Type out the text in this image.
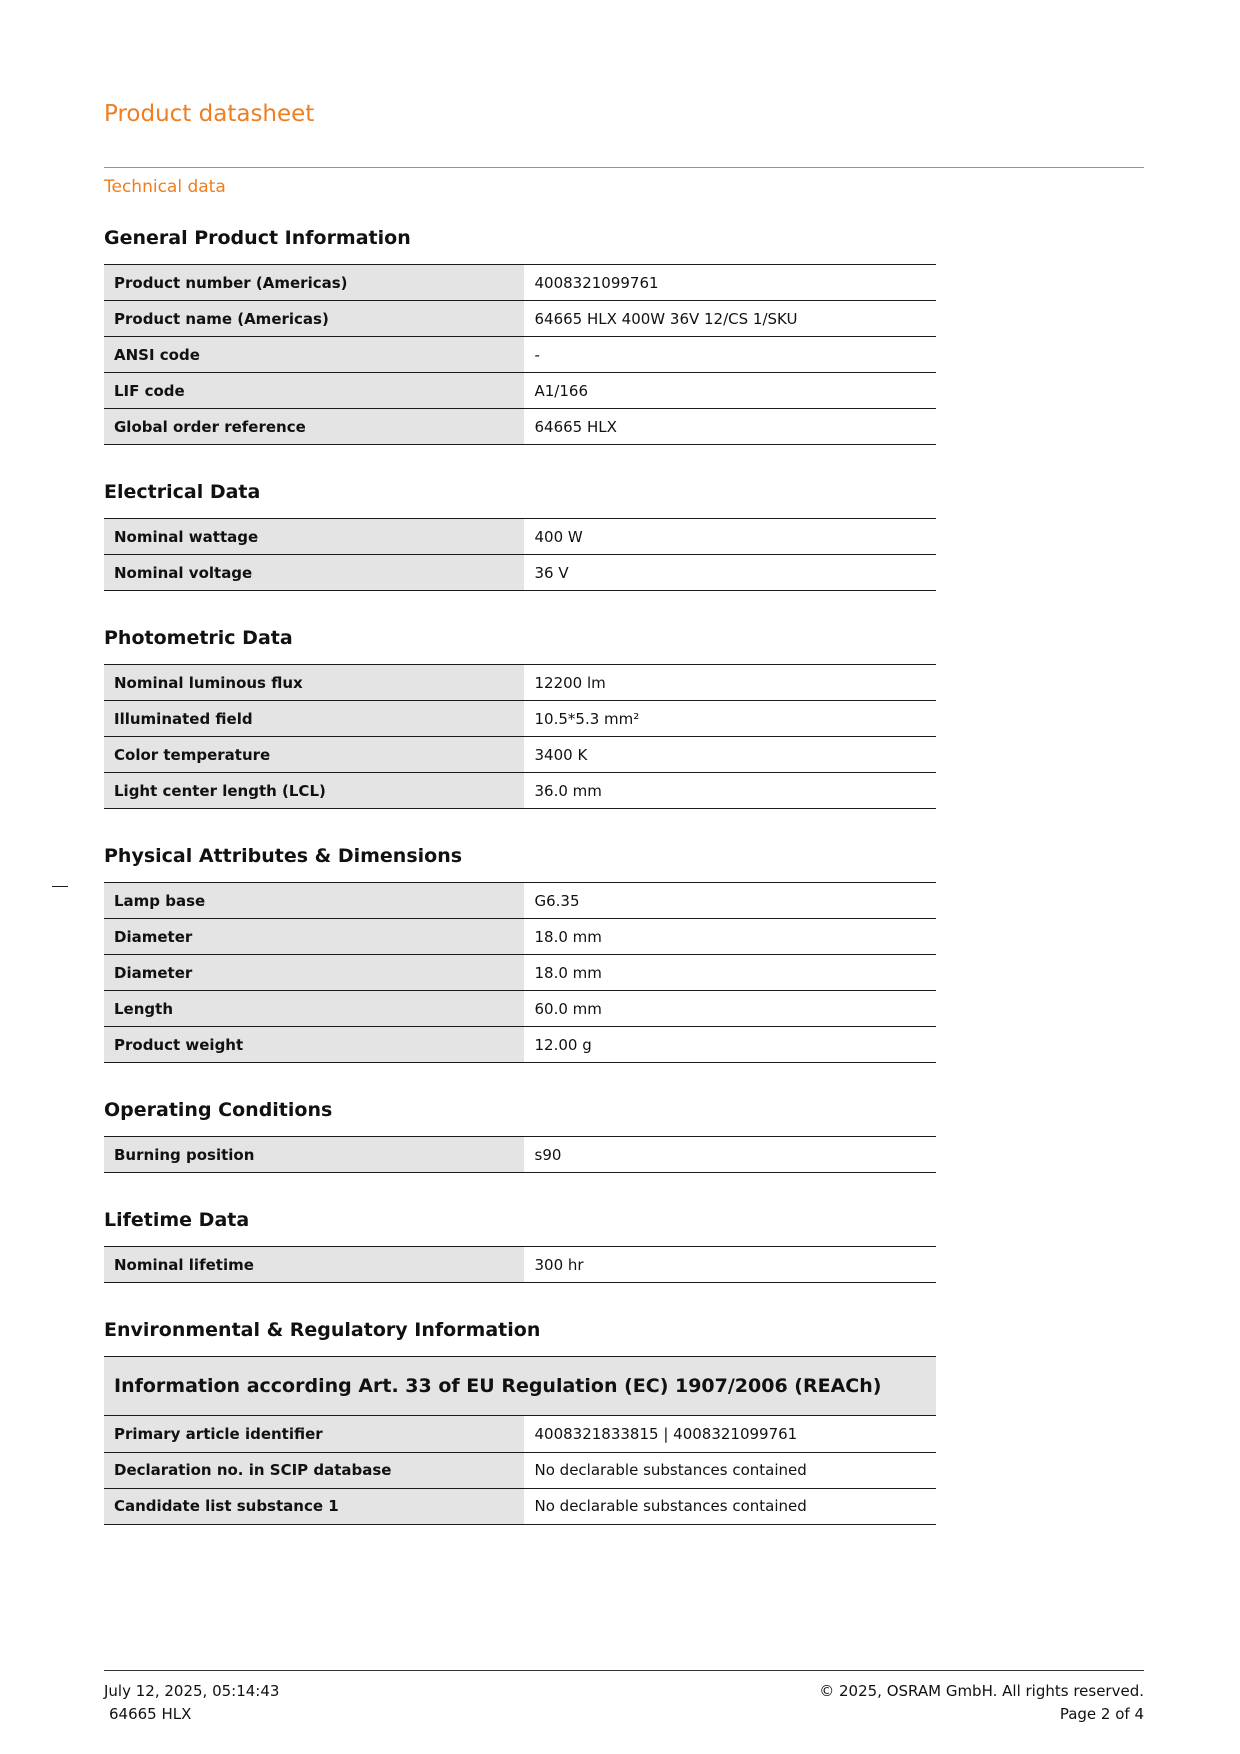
Product datasheet
Technical data
General Product Information
Product number (Americas)	4008321099761
Product name (Americas)	64665 HLX 400W 36V 12/CS 1/SKU
ANSI code	-
LIF code	A1/166
Global order reference	64665 HLX
Electrical Data
Nominal wattage	400 W
Nominal voltage	36 V
Photometric Data
Nominal luminous flux	12200 lm
Illuminated field	10.5*5.3 mm²
Color temperature	3400 K
Light center length (LCL)	36.0 mm
Physical Attributes & Dimensions
Lamp base	G6.35
Diameter	18.0 mm
Diameter	18.0 mm
Length	60.0 mm
Product weight	12.00 g
Operating Conditions
Burning position	s90
Lifetime Data
Nominal lifetime	300 hr
Environmental & Regulatory Information
Information according Art. 33 of EU Regulation (EC) 1907/2006 (REACh)
Primary article identifier	4008321833815 | 4008321099761
Declaration no. in SCIP database	No declarable substances contained
Candidate list substance 1	No declarable substances contained
July 12, 2025, 05:14:43
64665 HLX
© 2025, OSRAM GmbH. All rights reserved.
Page 2 of 4
